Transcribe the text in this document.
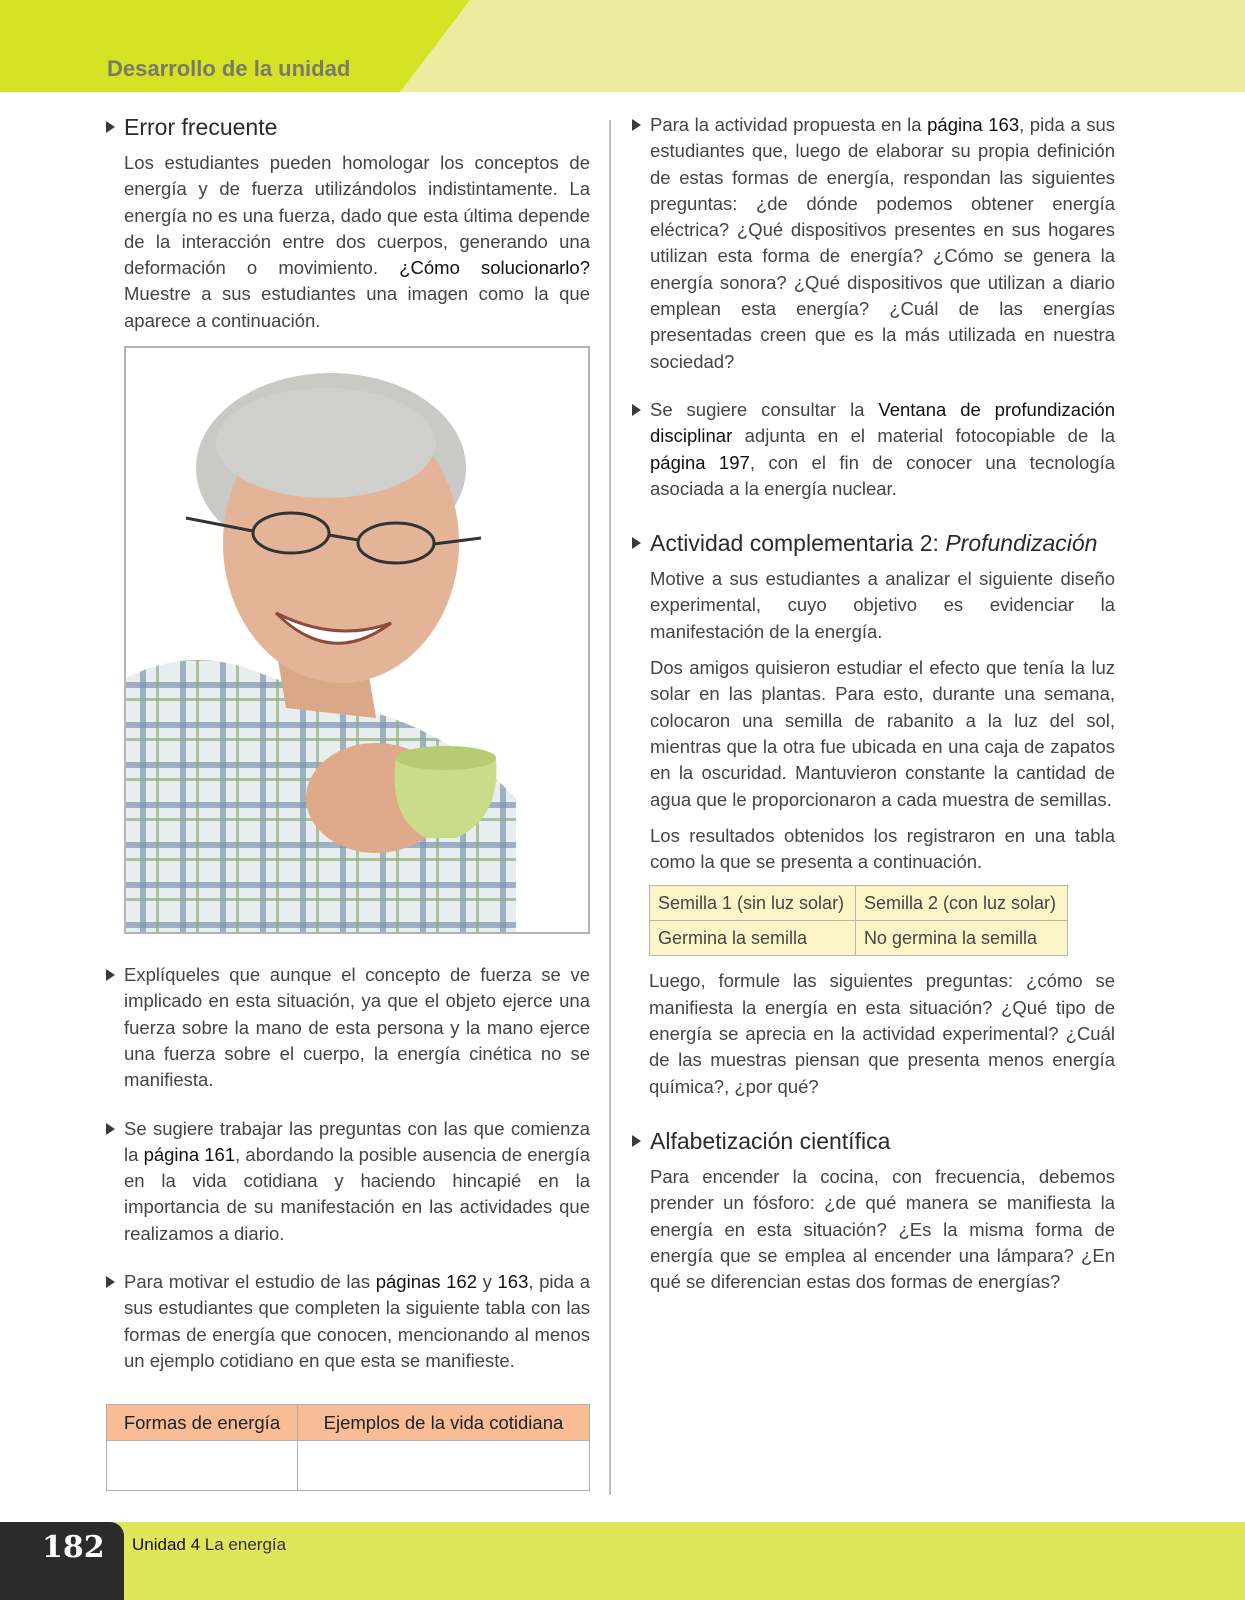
Desarrollo de la unidad
Error frecuente

Los estudiantes pueden homologar los conceptos de energía y de fuerza utilizándolos indistintamente. La energía no es una fuerza, dado que esta última depende de la interacción entre dos cuerpos, generando una deformación o movimiento. ¿Cómo solucionarlo? Muestre a sus estudiantes una imagen como la que aparece a continuación.

Explíqueles que aunque el concepto de fuerza se ve implicado en esta situación, ya que el objeto ejerce una fuerza sobre la mano de esta persona y la mano ejerce una fuerza sobre el cuerpo, la energía cinética no se manifiesta.

Se sugiere trabajar las preguntas con las que comienza la página 161, abordando la posible ausencia de energía en la vida cotidiana y haciendo hincapié en la importancia de su manifestación en las actividades que realizamos a diario.

Para motivar el estudio de las páginas 162 y 163, pida a sus estudiantes que completen la siguiente tabla con las formas de energía que conocen, mencionando al menos un ejemplo cotidiano en que esta se manifieste.

Formas de energía	Ejemplos de la vida cotidiana

Para la actividad propuesta en la página 163, pida a sus estudiantes que, luego de elaborar su propia definición de estas formas de energía, respondan las siguientes preguntas: ¿de dónde podemos obtener energía eléctrica? ¿Qué dispositivos presentes en sus hogares utilizan esta forma de energía? ¿Cómo se genera la energía sonora? ¿Qué dispositivos que utilizan a diario emplean esta energía? ¿Cuál de las energías presentadas creen que es la más utilizada en nuestra sociedad?

Se sugiere consultar la Ventana de profundización disciplinar adjunta en el material fotocopiable de la página 197, con el fin de conocer una tecnología asociada a la energía nuclear.

Actividad complementaria 2: Profundización

Motive a sus estudiantes a analizar el siguiente diseño experimental, cuyo objetivo es evidenciar la manifestación de la energía.

Dos amigos quisieron estudiar el efecto que tenía la luz solar en las plantas. Para esto, durante una semana, colocaron una semilla de rabanito a la luz del sol, mientras que la otra fue ubicada en una caja de zapatos en la oscuridad. Mantuvieron constante la cantidad de agua que le proporcionaron a cada muestra de semillas.

Los resultados obtenidos los registraron en una tabla como la que se presenta a continuación.

Semilla 1 (sin luz solar)	Semilla 2 (con luz solar)
Germina la semilla	No germina la semilla

Luego, formule las siguientes preguntas: ¿cómo se manifiesta la energía en esta situación? ¿Qué tipo de energía se aprecia en la actividad experimental? ¿Cuál de las muestras piensan que presenta menos energía química?, ¿por qué?

Alfabetización científica

Para encender la cocina, con frecuencia, debemos prender un fósforo: ¿de qué manera se manifiesta la energía en esta situación? ¿Es la misma forma de energía que se emplea al encender una lámpara? ¿En qué se diferencian estas dos formas de energías?

182 Unidad 4 La energía
